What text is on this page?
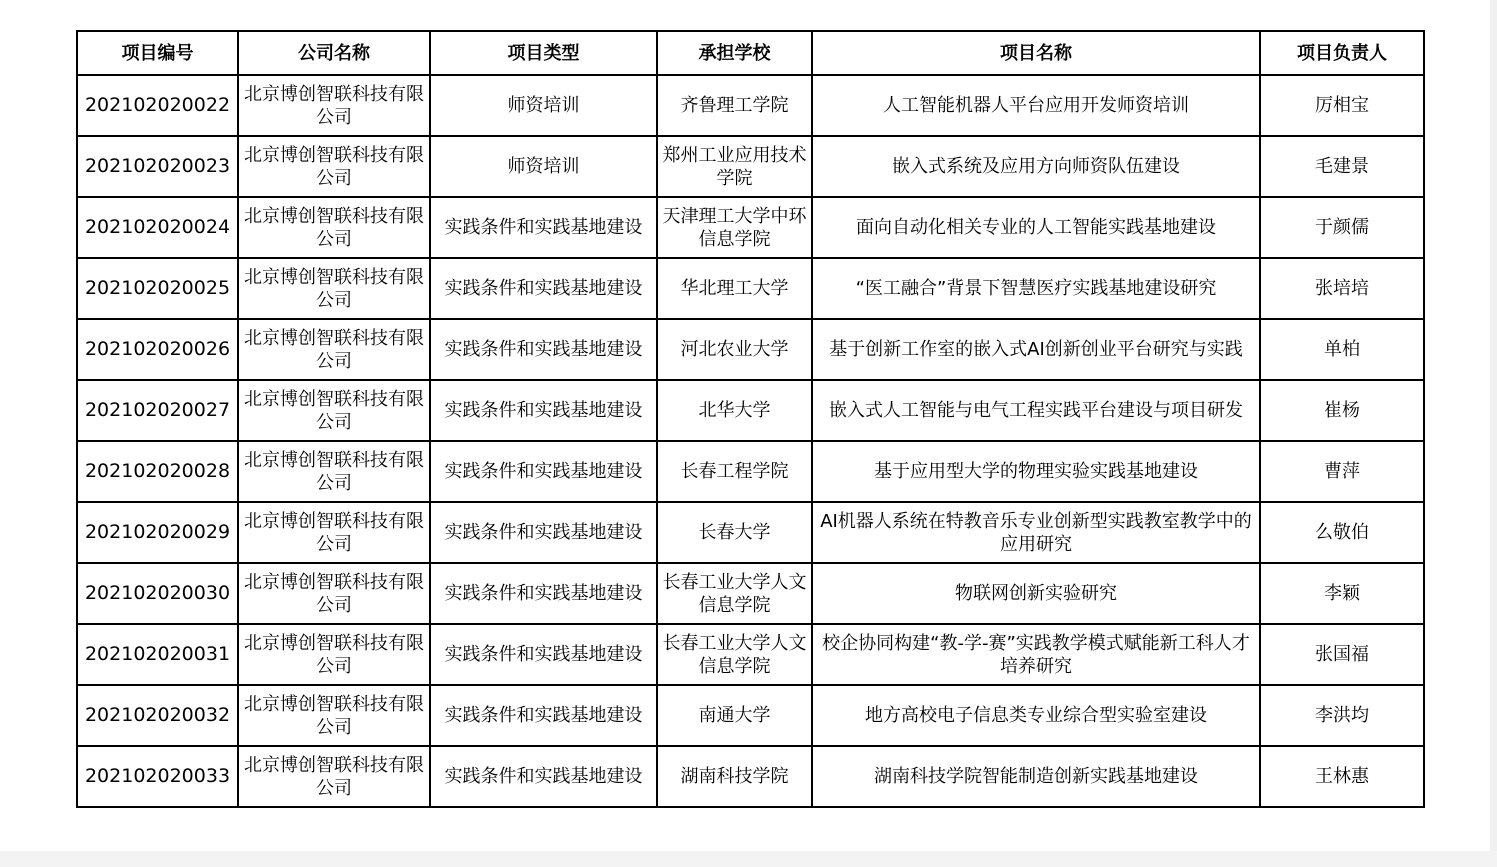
项目编号	公司名称	项目类型	承担学校	项目名称	项目负责人
202102020022	北京博创智联科技有限公司	师资培训	齐鲁理工学院	人工智能机器人平台应用开发师资培训	厉相宝
202102020023	北京博创智联科技有限公司	师资培训	郑州工业应用技术学院	嵌入式系统及应用方向师资队伍建设	毛建景
202102020024	北京博创智联科技有限公司	实践条件和实践基地建设	天津理工大学中环信息学院	面向自动化相关专业的人工智能实践基地建设	于颜儒
202102020025	北京博创智联科技有限公司	实践条件和实践基地建设	华北理工大学	“医工融合”背景下智慧医疗实践基地建设研究	张培培
202102020026	北京博创智联科技有限公司	实践条件和实践基地建设	河北农业大学	基于创新工作室的嵌入式AI创新创业平台研究与实践	单柏
202102020027	北京博创智联科技有限公司	实践条件和实践基地建设	北华大学	嵌入式人工智能与电气工程实践平台建设与项目研发	崔杨
202102020028	北京博创智联科技有限公司	实践条件和实践基地建设	长春工程学院	基于应用型大学的物理实验实践基地建设	曹萍
202102020029	北京博创智联科技有限公司	实践条件和实践基地建设	长春大学	AI机器人系统在特教音乐专业创新型实践教室教学中的应用研究	么敬伯
202102020030	北京博创智联科技有限公司	实践条件和实践基地建设	长春工业大学人文信息学院	物联网创新实验研究	李颖
202102020031	北京博创智联科技有限公司	实践条件和实践基地建设	长春工业大学人文信息学院	校企协同构建“教-学-赛”实践教学模式赋能新工科人才培养研究	张国福
202102020032	北京博创智联科技有限公司	实践条件和实践基地建设	南通大学	地方高校电子信息类专业综合型实验室建设	李洪均
202102020033	北京博创智联科技有限公司	实践条件和实践基地建设	湖南科技学院	湖南科技学院智能制造创新实践基地建设	王林惠
